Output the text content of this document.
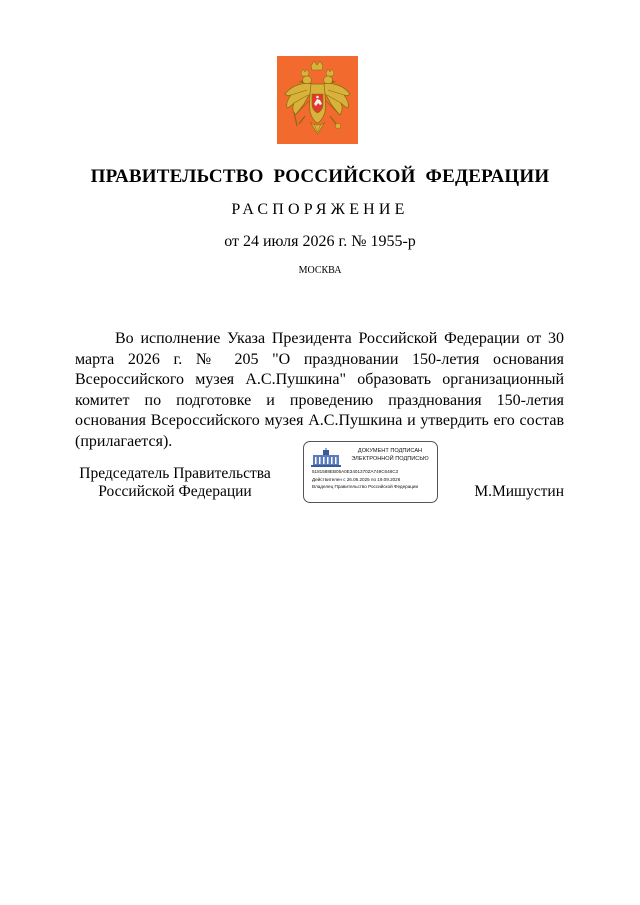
ПРАВИТЕЛЬСТВО РОССИЙСКОЙ ФЕДЕРАЦИИ
РАСПОРЯЖЕНИЕ
от 24 июля 2026 г. № 1955-р
МОСКВА

Во исполнение Указа Президента Российской Федерации от 30 марта 2026 г. № 205 "О праздновании 150-летия основания Всероссийского музея А.С.Пушкина" образовать организационный комитет по подготовке и проведению празднования 150-летия основания Всероссийского музея А.С.Пушкина и утвердить его состав (прилагается).

Председатель Правительства
Российской Федерации
ДОКУМЕНТ ПОДПИСАН
ЭЛЕКТРОННОЙ ПОДПИСЬЮ
5181588EB05A0E3401370ZA749C648C3
Действителен с 26.06.2025 по 19.09.2026
Владелец Правительство Российской Федерации	М.Мишустин
